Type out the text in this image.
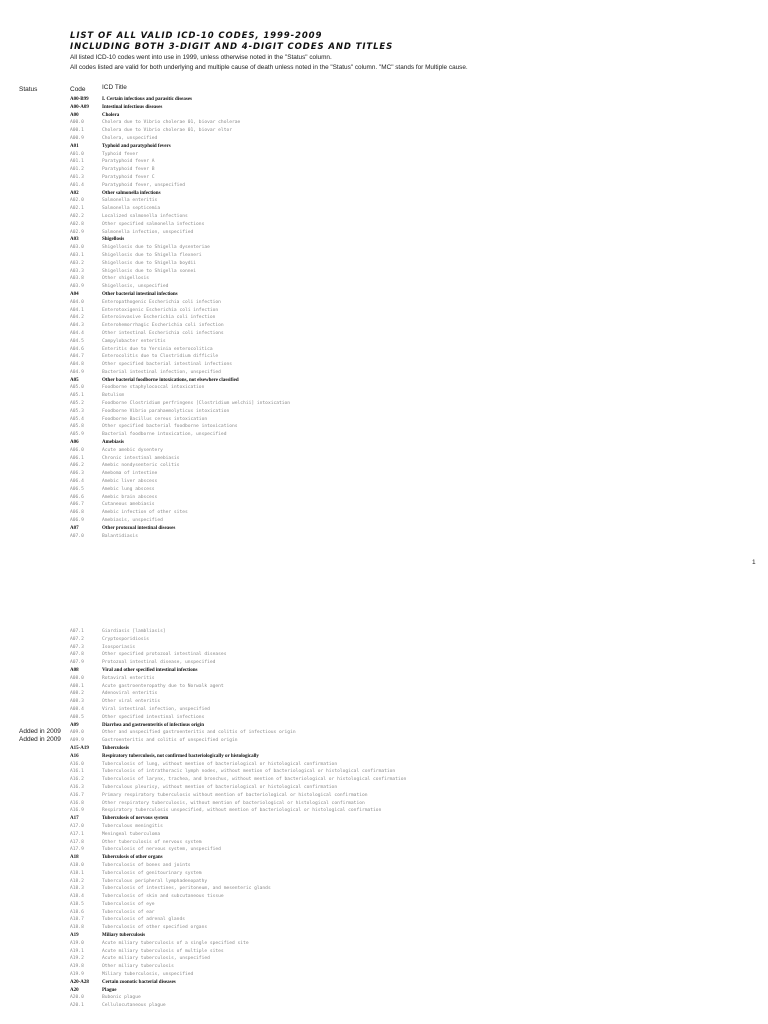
LIST OF ALL VALID ICD-10 CODES, 1999-2009
INCLUDING BOTH 3-DIGIT AND 4-DIGIT CODES AND TITLES
All listed ICD-10 codes went into use in 1999, unless otherwise noted in the "Status" column.
All codes listed are valid for both underlying and multiple cause of death unless noted in the "Status" column. "MC" stands for Multiple cause.
Status	Code	ICD Title
A00-B99	I. Certain infectious and parasitic diseases
A00-A09	Intestinal infectious diseases
A00	Cholera
A00.0	Cholera due to Vibrio cholerae 01, biovar cholerae
A00.1	Cholera due to Vibrio cholerae 01, biovar eltor
A00.9	Cholera, unspecified
A01	Typhoid and paratyphoid fevers
A01.0	Typhoid fever
A01.1	Paratyphoid fever A
A01.2	Paratyphoid fever B
A01.3	Paratyphoid fever C
A01.4	Paratyphoid fever, unspecified
A02	Other salmonella infections
A02.0	Salmonella enteritis
A02.1	Salmonella septicemia
A02.2	Localized salmonella infections
A02.8	Other specified salmonella infections
A02.9	Salmonella infection, unspecified
A03	Shigellosis
A03.0	Shigellosis due to Shigella dysenteriae
A03.1	Shigellosis due to Shigella flexneri
A03.2	Shigellosis due to Shigella boydii
A03.3	Shigellosis due to Shigella sonnei
A03.8	Other shigellosis
A03.9	Shigellosis, unspecified
A04	Other bacterial intestinal infections
A04.0	Enteropathogenic Escherichia coli infection
A04.1	Enterotoxigenic Escherichia coli infection
A04.2	Enteroinvasive Escherichia coli infection
A04.3	Enterohemorrhagic Escherichia coli infection
A04.4	Other intestinal Escherichia coli infections
A04.5	Campylobacter enteritis
A04.6	Enteritis due to Yersinia enterocolitica
A04.7	Enterocolitis due to Clostridium difficile
A04.8	Other specified bacterial intestinal infections
A04.9	Bacterial intestinal infection, unspecified
A05	Other bacterial foodborne intoxications, not elsewhere classified
A05.0	Foodborne staphylococcal intoxication
A05.1	Botulism
A05.2	Foodborne Clostridium perfringens [Clostridium welchii] intoxication
A05.3	Foodborne Vibrio parahaemolyticus intoxication
A05.4	Foodborne Bacillus cereus intoxication
A05.8	Other specified bacterial foodborne intoxications
A05.9	Bacterial foodborne intoxication, unspecified
A06	Amebiasis
A06.0	Acute amebic dysentery
A06.1	Chronic intestinal amebiasis
A06.2	Amebic nondysenteric colitis
A06.3	Ameboma of intestine
A06.4	Amebic liver abscess
A06.5	Amebic lung abscess
A06.6	Amebic brain abscess
A06.7	Cutaneous amebiasis
A06.8	Amebic infection of other sites
A06.9	Amebiasis, unspecified
A07	Other protozoal intestinal diseases
A07.0	Balantidiasis
1
A07.1	Giardiasis [lambliasis]
A07.2	Cryptosporidiosis
A07.3	Isosporiasis
A07.8	Other specified protozoal intestinal diseases
A07.9	Protozoal intestinal disease, unspecified
A08	Viral and other specified intestinal infections
A08.0	Rotaviral enteritis
A08.1	Acute gastroenteropathy due to Norwalk agent
A08.2	Adenoviral enteritis
A08.3	Other viral enteritis
A08.4	Viral intestinal infection, unspecified
A08.5	Other specified intestinal infections
A09	Diarrhea and gastroenteritis of infectious origin
Added in 2009 A09.0	Other and unspecified gastroenteritis and colitis of infectious origin
Added in 2009 A09.9	Gastroenteritis and colitis of unspecified origin
A15-A19	Tuberculosis
A16	Respiratory tuberculosis, not confirmed bacteriologically or histologically
A16.0	Tuberculosis of lung, without mention of bacteriological or histological confirmation
A16.1	Tuberculosis of intrathoracic lymph nodes, without mention of bacteriological or histological confirmation
A16.2	Tuberculosis of larynx, trachea, and bronchus, without mention of bacteriological or histological confirmation
A16.3	Tuberculous pleurisy, without mention of bacteriological or histological confirmation
A16.7	Primary respiratory tuberculosis without mention of bacteriological or histological confirmation
A16.8	Other respiratory tuberculosis, without mention of bacteriological or histological confirmation
A16.9	Respiratory tuberculosis unspecified, without mention of bacteriological or histological confirmation
A17	Tuberculosis of nervous system
A17.0	Tuberculous meningitis
A17.1	Meningeal tuberculoma
A17.8	Other tuberculosis of nervous system
A17.9	Tuberculosis of nervous system, unspecified
A18	Tuberculosis of other organs
A18.0	Tuberculosis of bones and joints
A18.1	Tuberculosis of genitourinary system
A18.2	Tuberculous peripheral lymphadenopathy
A18.3	Tuberculosis of intestines, peritoneum, and mesenteric glands
A18.4	Tuberculosis of skin and subcutaneous tissue
A18.5	Tuberculosis of eye
A18.6	Tuberculosis of ear
A18.7	Tuberculosis of adrenal glands
A18.8	Tuberculosis of other specified organs
A19	Miliary tuberculosis
A19.0	Acute miliary tuberculosis of a single specified site
A19.1	Acute miliary tuberculosis of multiple sites
A19.2	Acute miliary tuberculosis, unspecified
A19.8	Other miliary tuberculosis
A19.9	Miliary tuberculosis, unspecified
A20-A28	Certain zoonotic bacterial diseases
A20	Plague
A20.0	Bubonic plague
A20.1	Cellulocutaneous plague
